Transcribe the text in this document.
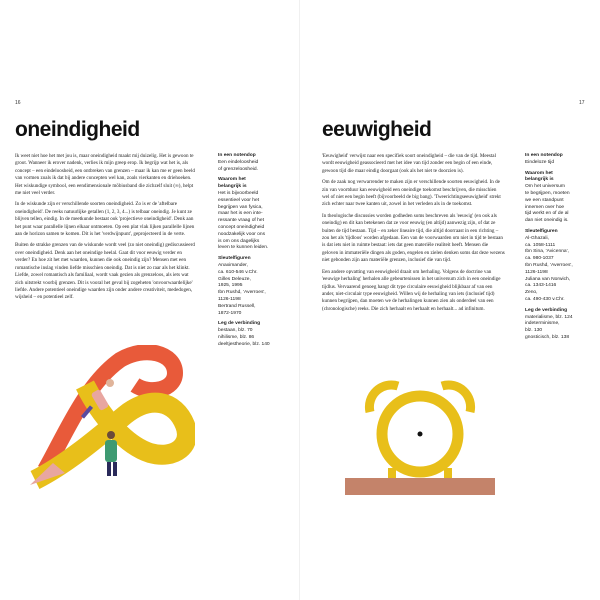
16
oneindigheid

Ik weet niet hoe het met jou is, maar oneindigheid maakt mij duizelig. Het is gewoon te groot. Wanneer ik erover nadenk, verlies ik mijn greep erop. Ik begrijp wat het is, als concept – een eindeloosheid, een ontbreken van grenzen – maar ik kan me er geen beeld van vormen zoals ik dat bij andere concepten wel kan, zoals vierkanten en driehoeken. Het wiskundige symbool, een eendimensionale möbiusband die zichzelf sluit (∞), helpt me niet veel verder.

In de wiskunde zijn er verschillende soorten oneindigheid. Zo is er de 'aftelbare oneindigheid'. De reeks natuurlijke getallen (1, 2, 3, 4...) is telbaar oneindig. Je kunt ze blijven tellen, eindig. In de meetkunde bestaat ook 'projectieve oneindigheid'. Denk aan het punt waar parallelle lijnen elkaar ontmoeten. Op een plat vlak lijken parallelle lijnen aan de horizon samen te komen. Dit is het 'verdwijnpunt', geprojecteerd in de verte.

Buiten de strakke grenzen van de wiskunde wordt veel (zo niet oneindig) gediscussieerd over oneindigheid. Denk aan het oneindige heelal. Gaat dit voor eeuwig verder en verder? En hoe zit het met waarden, kunnen die ook oneindig zijn? Mensen met een romantische inslag vinden liefde misschien oneindig. Dat is niet zo raar als het klinkt. Liefde, zowel romantisch als familiaal, wordt vaak gezien als grenzeloos, als iets wat zich uitstrekt voorbij grenzen. Dit is vooral het geval bij zogeheten 'onvoorwaardelijke' liefde. Andere potentieel oneindige waarden zijn onder andere creativiteit, mededogen, wijsheid – en potentieel zelf.

In een notendop

Een eindeloosheid
of grenzeloosheid.

Waarom het
belangrijk is

Het is bijvoorbeeld
essentieel voor het
begrijpen van fysica,
maar het is een inte-
ressante vraag of het
concept oneindigheid
noodzakelijk voor ons
is om ons dagelijks
leven te kunnen leiden.

Sleutelfiguren

Anaximander,
ca. 610-546 v.Chr.
Gilles Deleuze,
1925, 1995
Ibn Rushd, 'Averroes',
1126-1198
Bertrand Russell,
1872-1970

Leg de verbinding

bestaan, blz. 70
nihilisme, blz. 86
deeltjestheorie, blz. 140

17
eeuwigheid

'Eeuwigheid' verwijst naar een specifiek soort oneindigheid – die van de tijd. Meestal wordt eeuwigheid geassocieerd met het idee van tijd zonder een begin of een einde, gewoon tijd die maar eindig doorgaat (ook als het niet te doorzien is).

Om de zaak nog verwarrender te maken zijn er verschillende soorten eeuwigheid. In de zin van voortduur kan eeuwigheid een oneindige toekomst beschrijven, die misschien wel of niet een begin heeft (bijvoorbeeld de big bang). 'Tweerichtingseeuwigheid' strekt zich echter naar twee kanten uit, zowel in het verleden als in de toekomst.

In theologische discussies worden godheden soms beschreven als 'eeuwig' (en ook als oneindig) en dit kan betekenen dat ze voor eeuwig (en altijd) aanwezig zijn, of dat ze buiten de tijd bestaan. Tijd – en zeker lineaire tijd, die altijd doorraast in een richting – zou het als 'tijdloos' worden afgedaan. Een van de voorwaarden om niet in tijd te bestaan is dat iets niet in ruimte bestaat: iets dat geen materiële realiteit heeft. Mensen die geloven in immateriële dingen als goden, engelen en zielen denken soms dat deze wezens niet gebonden zijn aan materiële grenzen, inclusief die van tijd.

Een andere opvatting van eeuwigheid draait om herhaling. Volgens de doctrine van 'eeuwige herhaling' herhalen alle gebeurtenissen in het universum zich in een oneindige tijdlus. Vervaarend genoeg hangt dit type circulaire eeuwigheid blijkbaar af van een ander, niet-circulair type eeuwigheid. Willen wij de herhaling van iets (inclusief tijd) kunnen begrijpen, dan moeten we de herhalingen kunnen zien als onderdeel van een (chronologische) reeks. Die zich herhaalt en herhaalt en herhaalt... ad infinitum.

In een notendop

Eindeloze tijd

Waarom het
belangrijk is

Om het universum
te begrijpen, moeten
we een standpunt
innemen over hoe
tijd werkt en of de al
dan niet oneindig is.

Sleutelfiguren

Al-Ghazali,
ca. 1058-1111
Ibn Sina, 'Avicenna',
ca. 980-1037
Ibn Rushd, 'Averroes',
1126-1198
Juliana van Norwich,
ca. 1343-1416
Zeno,
ca. 490-430 v.Chr.

Leg de verbinding

materialisme, blz. 124
indeterminisme,
blz. 130
gnosticisch, blz. 138
